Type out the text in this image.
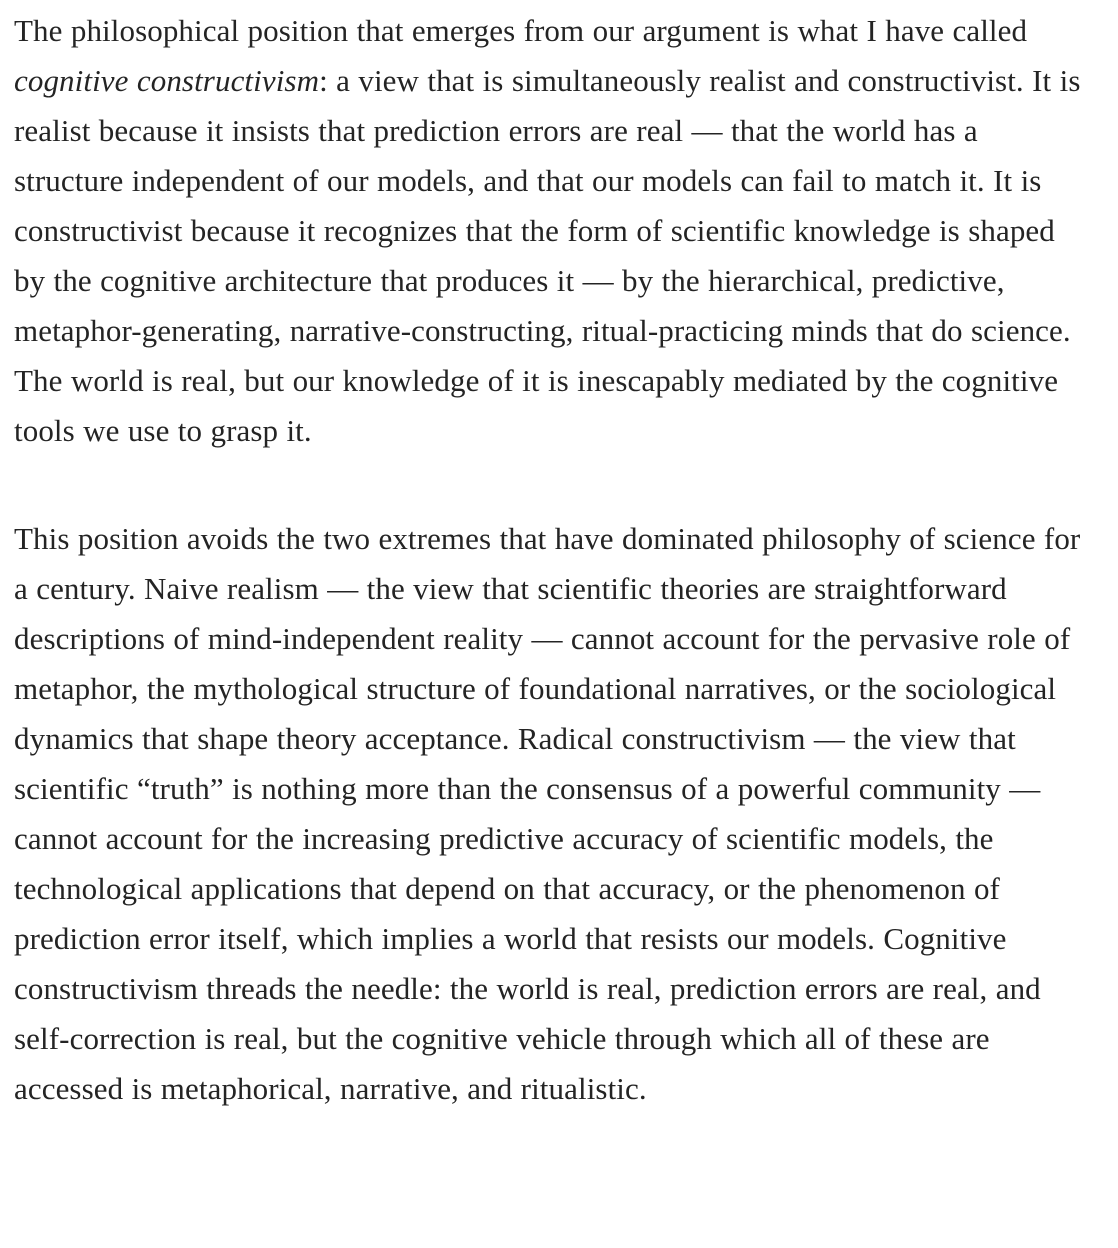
The philosophical position that emerges from our argument is what I have called cognitive constructivism: a view that is simultaneously realist and constructivist. It is realist because it insists that prediction errors are real — that the world has a structure independent of our models, and that our models can fail to match it. It is constructivist because it recognizes that the form of scientific knowledge is shaped by the cognitive architecture that produces it — by the hierarchical, predictive, metaphor-generating, narrative-constructing, ritual-practicing minds that do science. The world is real, but our knowledge of it is inescapably mediated by the cognitive tools we use to grasp it.

This position avoids the two extremes that have dominated philosophy of science for a century. Naive realism — the view that scientific theories are straightforward descriptions of mind-independent reality — cannot account for the pervasive role of metaphor, the mythological structure of foundational narratives, or the sociological dynamics that shape theory acceptance. Radical constructivism — the view that scientific “truth” is nothing more than the consensus of a powerful community — cannot account for the increasing predictive accuracy of scientific models, the technological applications that depend on that accuracy, or the phenomenon of prediction error itself, which implies a world that resists our models. Cognitive constructivism threads the needle: the world is real, prediction errors are real, and self-correction is real, but the cognitive vehicle through which all of these are accessed is metaphorical, narrative, and ritualistic.
